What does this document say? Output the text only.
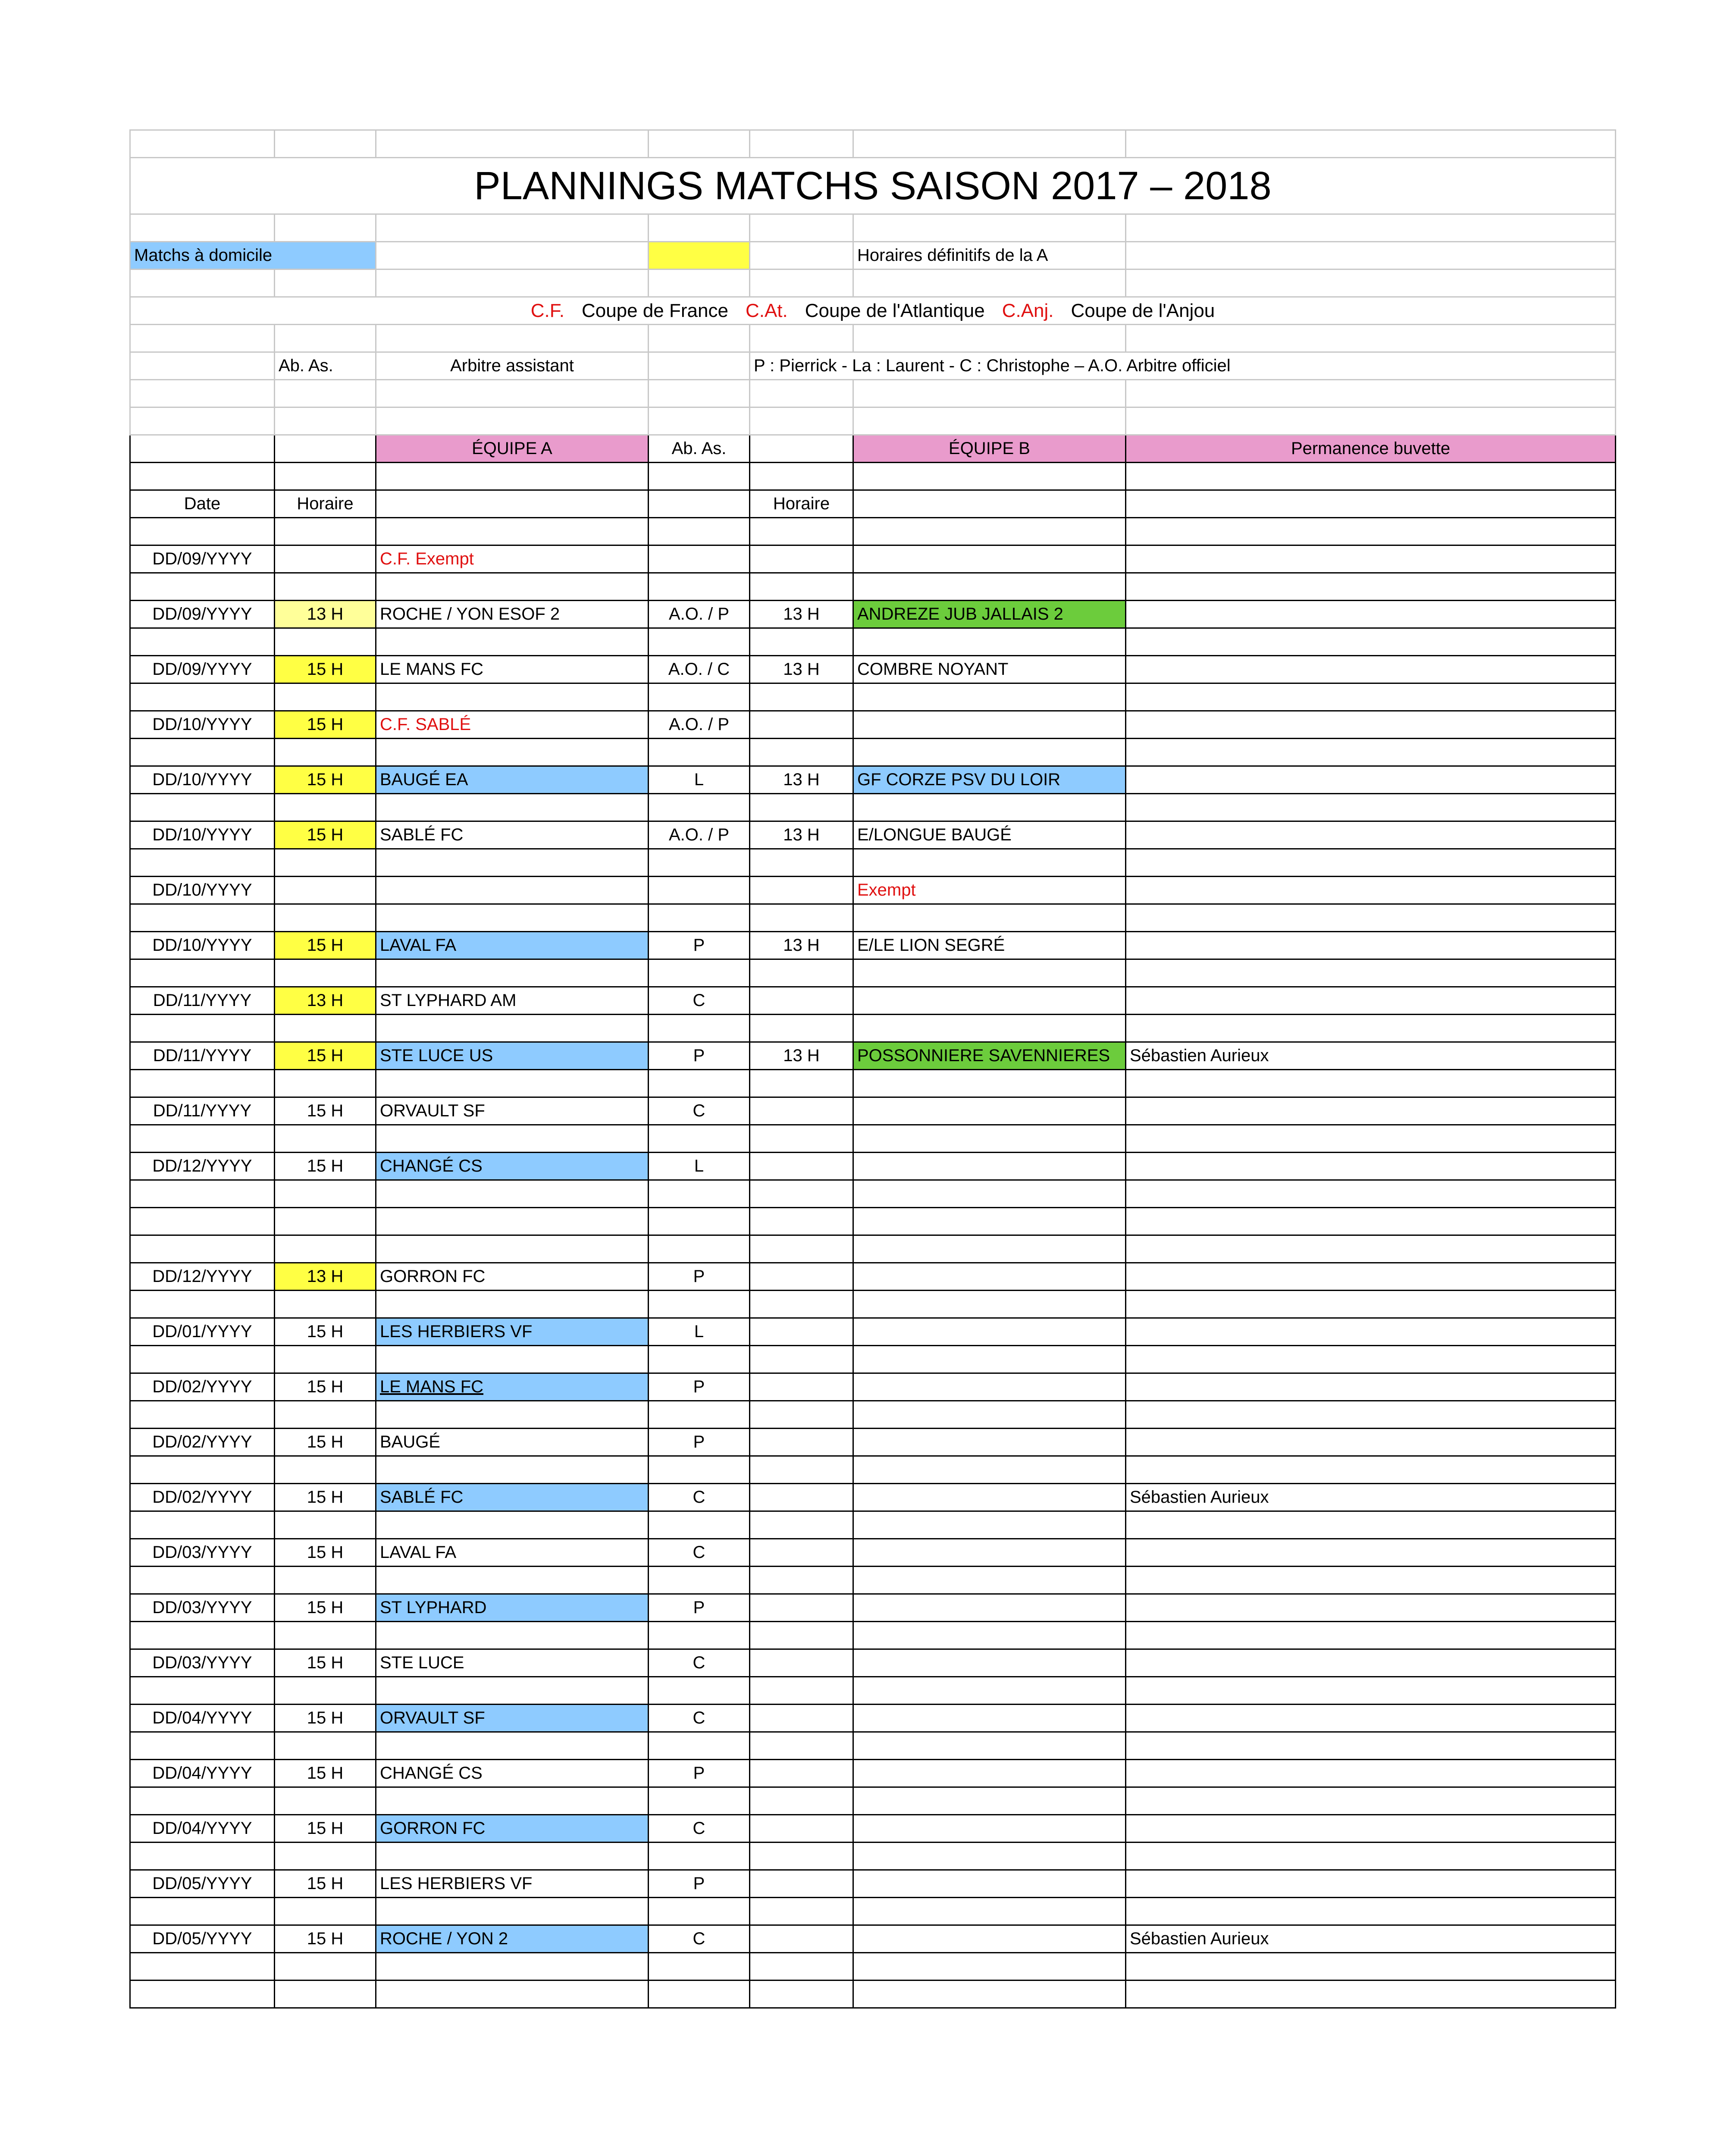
PLANNINGS MATCHS SAISON 2017 – 2018						

Matchs à domicile					Horaires définitifs de la A	

C.F. Coupe de France C.At. Coupe de l'Atlantique C.Anj. Coupe de l'Anjou						

	Ab. As.	Arbitre assistant		P : Pierrick - La : Laurent - C : Christophe – A.O. Arbitre officiel		

		ÉQUIPE A	Ab. As.		ÉQUIPE B	Permanence buvette

Date	Horaire			Horaire		

DD/09/YYYY		C.F. Exempt				

DD/09/YYYY	13 H	ROCHE / YON ESOF 2	A.O. / P	13 H	ANDREZE JUB JALLAIS 2	

DD/09/YYYY	15 H	LE MANS FC	A.O. / C	13 H	COMBRE NOYANT	

DD/10/YYYY	15 H	C.F. SABLÉ	A.O. / P			

DD/10/YYYY	15 H	BAUGÉ EA	L	13 H	GF CORZE PSV DU LOIR	

DD/10/YYYY	15 H	SABLÉ FC	A.O. / P	13 H	E/LONGUE BAUGÉ	

DD/10/YYYY					Exempt	

DD/10/YYYY	15 H	LAVAL FA	P	13 H	E/LE LION SEGRÉ	

DD/11/YYYY	13 H	ST LYPHARD AM	C			

DD/11/YYYY	15 H	STE LUCE US	P	13 H	POSSONNIERE SAVENNIERES	Sébastien Aurieux

DD/11/YYYY	15 H	ORVAULT SF	C			

DD/12/YYYY	15 H	CHANGÉ CS	L			

DD/12/YYYY	13 H	GORRON FC	P			

DD/01/YYYY	15 H	LES HERBIERS VF	L			

DD/02/YYYY	15 H	LE MANS FC	P			

DD/02/YYYY	15 H	BAUGÉ	P			

DD/02/YYYY	15 H	SABLÉ FC	C			Sébastien Aurieux

DD/03/YYYY	15 H	LAVAL FA	C			

DD/03/YYYY	15 H	ST LYPHARD	P			

DD/03/YYYY	15 H	STE LUCE	C			

DD/04/YYYY	15 H	ORVAULT SF	C			

DD/04/YYYY	15 H	CHANGÉ CS	P			

DD/04/YYYY	15 H	GORRON FC	C			

DD/05/YYYY	15 H	LES HERBIERS VF	P			

DD/05/YYYY	15 H	ROCHE / YON 2	C			Sébastien Aurieux
